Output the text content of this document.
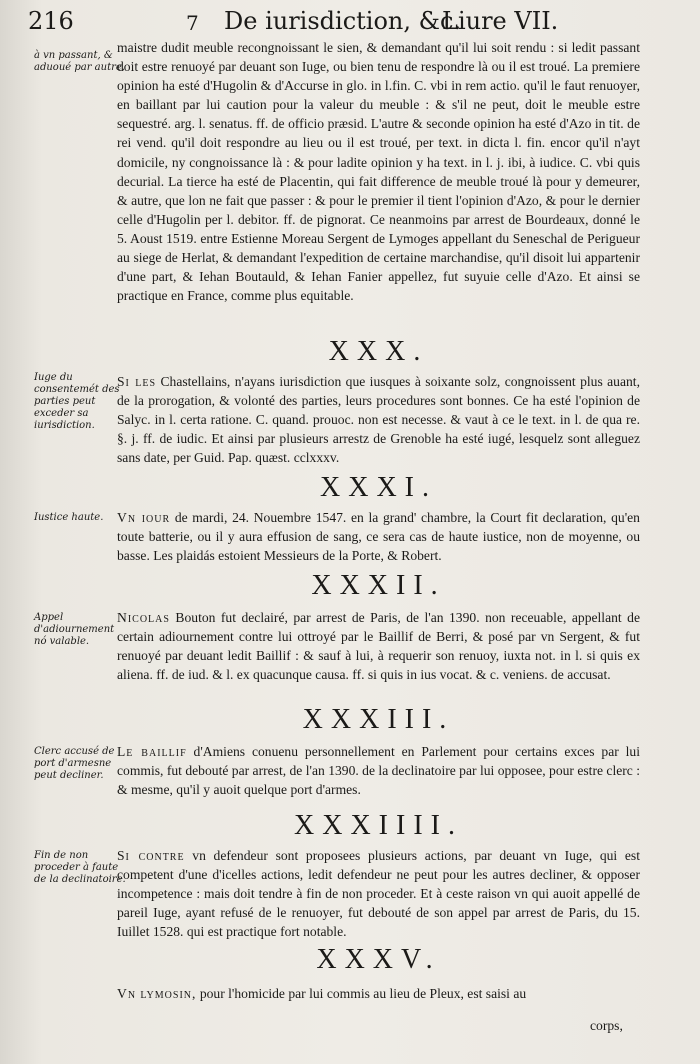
216	7 De iurisdiction, &c.
Liure VII.
à vn passant, & aduoué par autre.
Iuge du consentemét des parties peut exceder sa iurisdiction.
Iustice haute.
Appel d'adiournement nó valable.
Clerc accusé de port d'armesne peut decliner.
Fin de non proceder à faute de la declinatoire.
maistre dudit meuble recongnoissant le sien, & demandant qu'il lui soit rendu : si ledit passant doit estre renuoyé par deuant son Iuge, ou bien tenu de respondre là ou il est troué. La premiere opinion ha esté d'Hugolin & d'Accurse in glo. in l.fin. C. vbi in rem actio. qu'il le faut renuoyer, en baillant par lui caution pour la valeur du meuble : & s'il ne peut, doit le meuble estre sequestré. arg. l. senatus. ff. de officio præsid. L'autre & seconde opinion ha esté d'Azo in tit. de rei vend. qu'il doit respondre au lieu ou il est troué, per text. in dicta l. fin. encor qu'il n'ayt domicile, ny congnoissance là : & pour ladite opinion y ha text. in l. j. ibi, à iudice. C. vbi quis decurial. La tierce ha esté de Placentin, qui fait difference de meuble troué là pour y demeurer, & autre, que lon ne fait que passer : & pour le premier il tient l'opinion d'Azo, & pour le dernier celle d'Hugolin per l. debitor. ff. de pignorat. Ce neanmoins par arrest de Bourdeaux, donné le 5. Aoust 1519. entre Estienne Moreau Sergent de Lymoges appellant du Seneschal de Perigueur au siege de Herlat, & demandant l'expedition de certaine marchandise, qu'il disoit lui appartenir d'une part, & Iehan Boutauld, & Iehan Fanier appellez, fut suyuie celle d'Azo. Et ainsi se practique en France, comme plus equitable.
XXX.
Si les Chastellains, n'ayans iurisdiction que iusques à soixante solz, congnoissent plus auant, de la prorogation, & volonté des parties, leurs procedures sont bonnes. Ce ha esté l'opinion de Salyc. in l. certa ratione. C. quand. prouoc. non est necesse. & vaut à ce le text. in l. de qua re. §. j. ff. de iudic. Et ainsi par plusieurs arrestz de Grenoble ha esté iugé, lesquelz sont alleguez sans date, per Guid. Pap. quæst. cclxxxv.
XXXI.
Vn iour de mardi, 24. Nouembre 1547. en la grand' chambre, la Court fit declaration, qu'en toute batterie, ou il y aura effusion de sang, ce sera cas de haute iustice, non de moyenne, ou basse. Les plaidás estoient Messieurs de la Porte, & Robert.
XXXII.
Nicolas Bouton fut declairé, par arrest de Paris, de l'an 1390. non receuable, appellant de certain adiournement contre lui ottroyé par le Baillif de Berri, & posé par vn Sergent, & fut renuoyé par deuant ledit Baillif : & sauf à lui, à requerir son renuoy, iuxta not. in l. si quis ex aliena. ff. de iud. & l. ex quacunque causa. ff. si quis in ius vocat. & c. veniens. de accusat.
XXXIII.
Le baillif d'Amiens conuenu personnellement en Parlement pour certains exces par lui commis, fut debouté par arrest, de l'an 1390. de la declinatoire par lui opposee, pour estre clerc : & mesme, qu'il y auoit quelque port d'armes.
XXXIIII.
Si contre vn defendeur sont proposees plusieurs actions, par deuant vn Iuge, qui est competent d'une d'icelles actions, ledit defendeur ne peut pour les autres decliner, & opposer incompetence : mais doit tendre à fin de non proceder. Et à ceste raison vn qui auoit appellé de pareil Iuge, ayant refusé de le renuoyer, fut debouté de son appel par arrest de Paris, du 15. Iuillet 1528. qui est practique fort notable.
XXXV.
Vn lymosin, pour l'homicide par lui commis au lieu de Pleux, est saisi au
corps,
